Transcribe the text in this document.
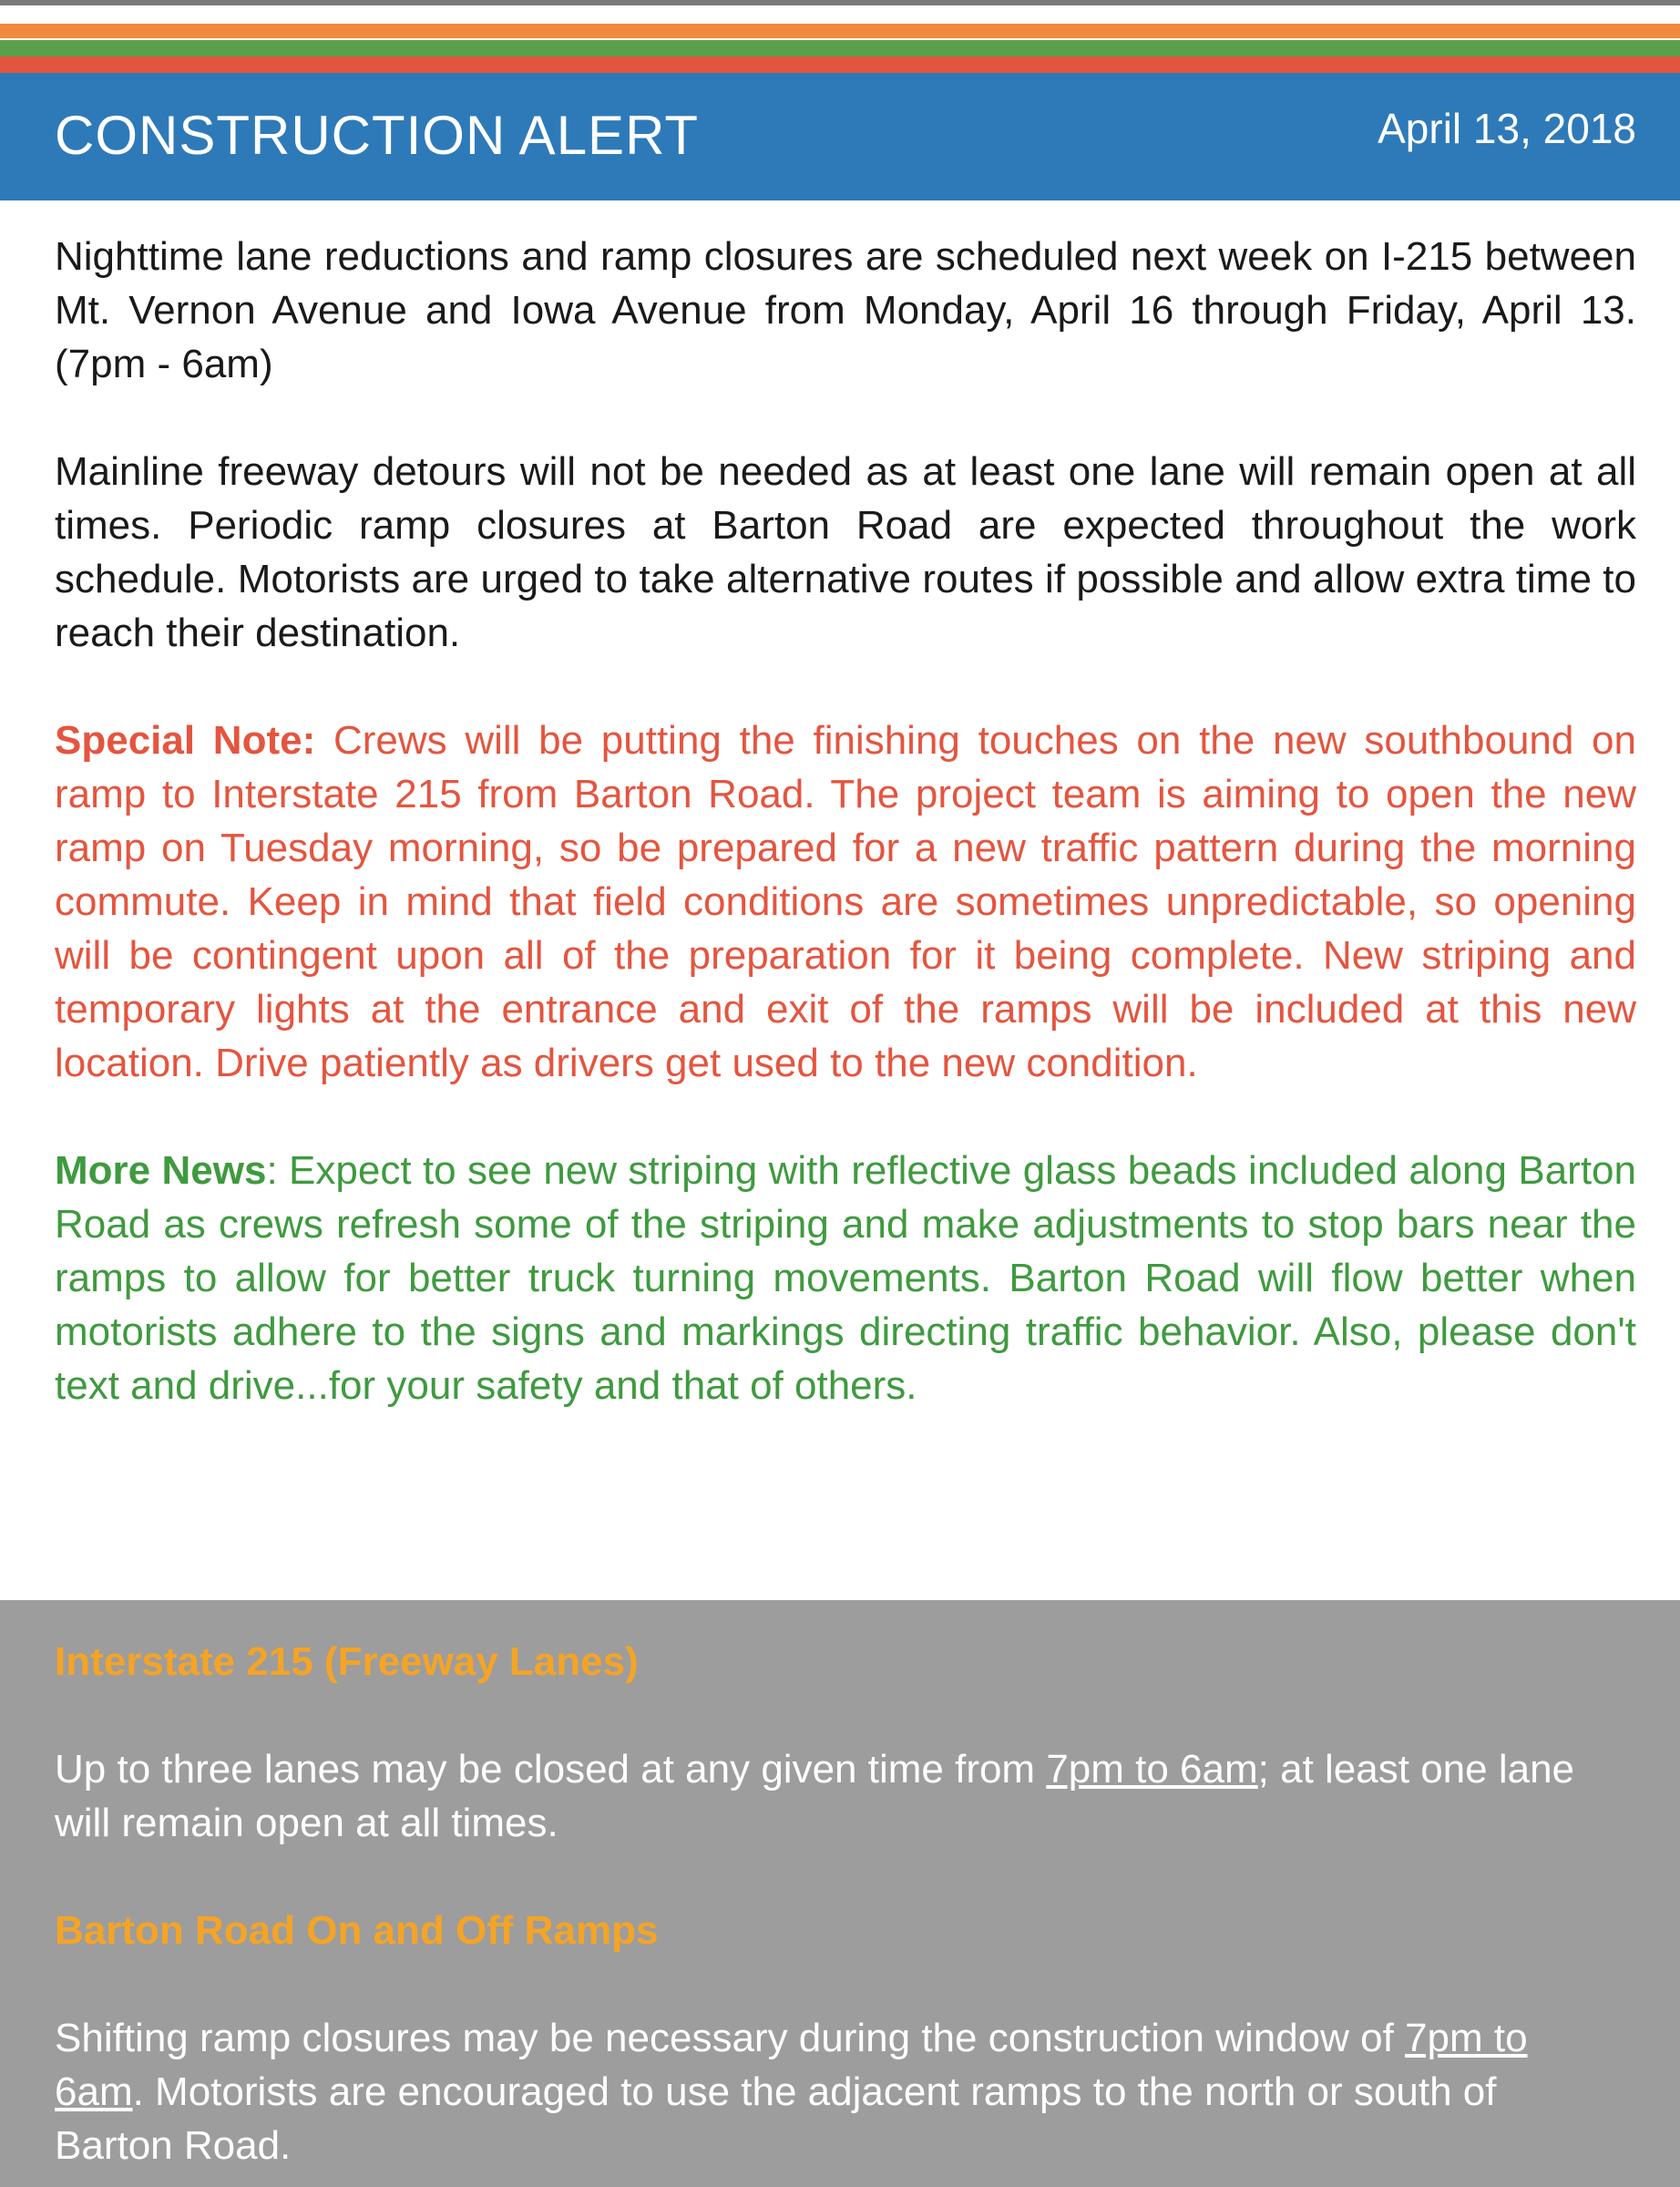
CONSTRUCTION ALERT	April 13, 2018

Nighttime lane reductions and ramp closures are scheduled next week on I-215 between Mt. Vernon Avenue and Iowa Avenue from Monday, April 16 through Friday, April 13. (7pm - 6am)

Mainline freeway detours will not be needed as at least one lane will remain open at all times. Periodic ramp closures at Barton Road are expected throughout the work schedule. Motorists are urged to take alternative routes if possible and allow extra time to reach their destination.

Special Note: Crews will be putting the finishing touches on the new southbound on ramp to Interstate 215 from Barton Road. The project team is aiming to open the new ramp on Tuesday morning, so be prepared for a new traffic pattern during the morning commute. Keep in mind that field conditions are sometimes unpredictable, so opening will be contingent upon all of the preparation for it being complete. New striping and temporary lights at the entrance and exit of the ramps will be included at this new location. Drive patiently as drivers get used to the new condition.

More News: Expect to see new striping with reflective glass beads included along Barton Road as crews refresh some of the striping and make adjustments to stop bars near the ramps to allow for better truck turning movements. Barton Road will flow better when motorists adhere to the signs and markings directing traffic behavior. Also, please don't text and drive...for your safety and that of others.

Interstate 215 (Freeway Lanes)

Up to three lanes may be closed at any given time from 7pm to 6am; at least one lane will remain open at all times.

Barton Road On and Off Ramps

Shifting ramp closures may be necessary during the construction window of 7pm to 6am. Motorists are encouraged to use the adjacent ramps to the north or south of Barton Road.
